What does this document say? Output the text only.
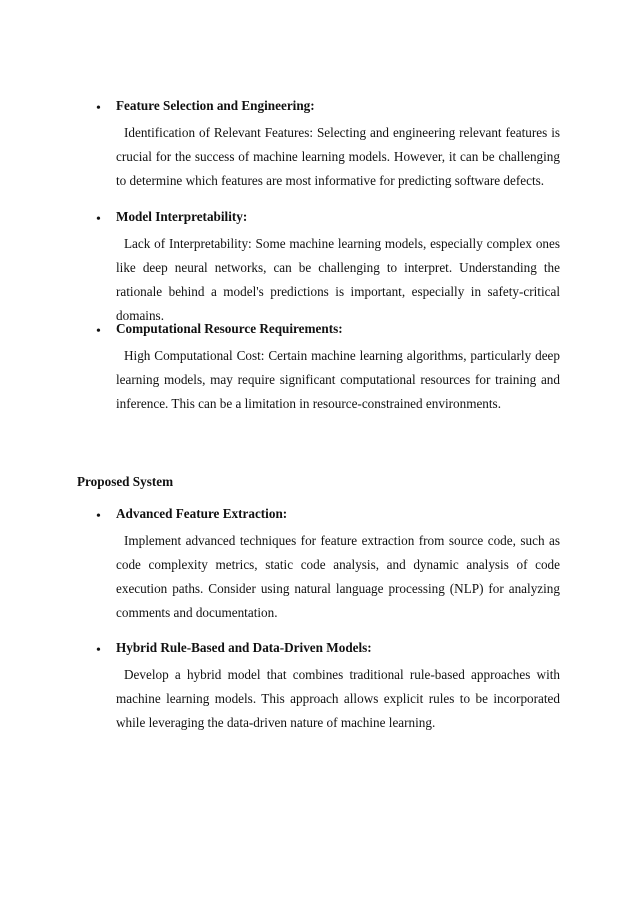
• Feature Selection and Engineering:
Identification of Relevant Features: Selecting and engineering relevant features is crucial for the success of machine learning models. However, it can be challenging to determine which features are most informative for predicting software defects.
• Model Interpretability:
Lack of Interpretability: Some machine learning models, especially complex ones like deep neural networks, can be challenging to interpret. Understanding the rationale behind a model's predictions is important, especially in safety-critical domains.
• Computational Resource Requirements:
High Computational Cost: Certain machine learning algorithms, particularly deep learning models, may require significant computational resources for training and inference. This can be a limitation in resource-constrained environments.
Proposed System
• Advanced Feature Extraction:
Implement advanced techniques for feature extraction from source code, such as code complexity metrics, static code analysis, and dynamic analysis of code execution paths. Consider using natural language processing (NLP) for analyzing comments and documentation.
• Hybrid Rule-Based and Data-Driven Models:
Develop a hybrid model that combines traditional rule-based approaches with machine learning models. This approach allows explicit rules to be incorporated while leveraging the data-driven nature of machine learning.
